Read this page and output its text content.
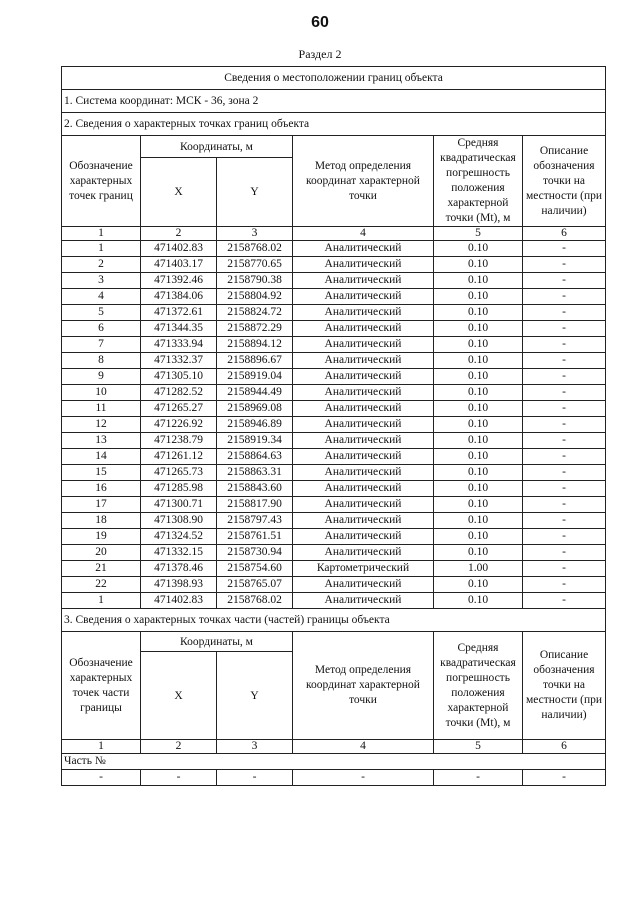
60
Раздел 2
Сведения о местоположении границ объекта					
1. Система координат: МСК - 36, зона 2					
2. Сведения о характерных точках границ объекта					
Обозначение характерных точек границ	Координаты, м		Метод определения координат характерной точки	Средняя квадратическая погрешность положения характерной точки (Mt), м	Описание обозначения точки на местности (при наличии)
	X	Y			
1	2	3	4	5	6
1	471402.83	2158768.02	Аналитический	0.10	-
2	471403.17	2158770.65	Аналитический	0.10	-
3	471392.46	2158790.38	Аналитический	0.10	-
4	471384.06	2158804.92	Аналитический	0.10	-
5	471372.61	2158824.72	Аналитический	0.10	-
6	471344.35	2158872.29	Аналитический	0.10	-
7	471333.94	2158894.12	Аналитический	0.10	-
8	471332.37	2158896.67	Аналитический	0.10	-
9	471305.10	2158919.04	Аналитический	0.10	-
10	471282.52	2158944.49	Аналитический	0.10	-
11	471265.27	2158969.08	Аналитический	0.10	-
12	471226.92	2158946.89	Аналитический	0.10	-
13	471238.79	2158919.34	Аналитический	0.10	-
14	471261.12	2158864.63	Аналитический	0.10	-
15	471265.73	2158863.31	Аналитический	0.10	-
16	471285.98	2158843.60	Аналитический	0.10	-
17	471300.71	2158817.90	Аналитический	0.10	-
18	471308.90	2158797.43	Аналитический	0.10	-
19	471324.52	2158761.51	Аналитический	0.10	-
20	471332.15	2158730.94	Аналитический	0.10	-
21	471378.46	2158754.60	Картометрический	1.00	-
22	471398.93	2158765.07	Аналитический	0.10	-
1	471402.83	2158768.02	Аналитический	0.10	-
3. Сведения о характерных точках части (частей) границы объекта					
Обозначение характерных точек части границы	Координаты, м		Метод определения координат характерной точки	Средняя квадратическая погрешность положения характерной точки (Mt), м	Описание обозначения точки на местности (при наличии)
	X	Y			
1	2	3	4	5	6
Часть №					
-	-	-	-	-	-
